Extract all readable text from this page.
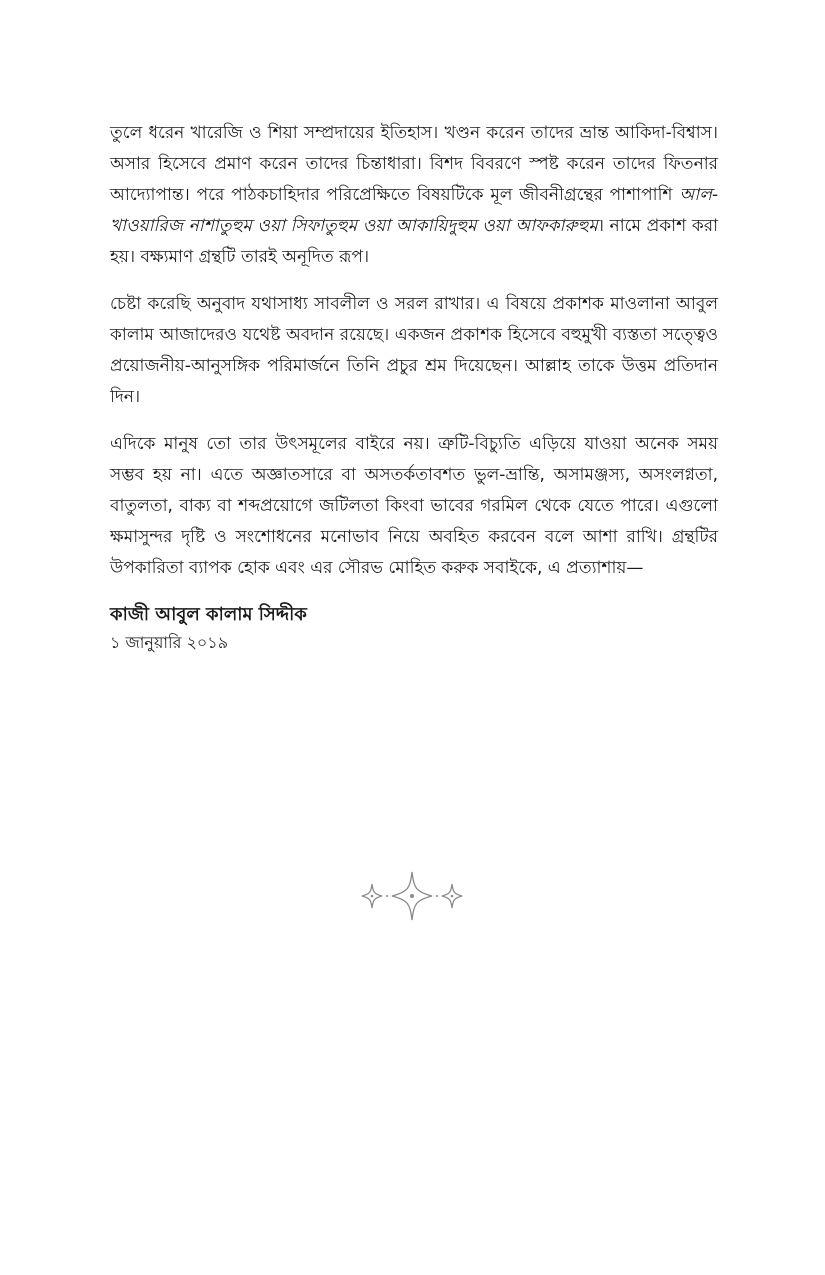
তুলে ধরেন খারেজি ও শিয়া সম্প্রদায়ের ইতিহাস। খণ্ডন করেন তাদের ভ্রান্ত আকিদা-বিশ্বাস। অসার হিসেবে প্রমাণ করেন তাদের চিন্তাধারা। বিশদ বিবরণে স্পষ্ট করেন তাদের ফিতনার আদ্যোপান্ত। পরে পাঠকচাহিদার পরিপ্রেক্ষিতে বিষয়টিকে মূল জীবনীগ্রন্থের পাশাপাশি আল-খাওয়ারিজ নাশাতুহুম ওয়া সিফাতুহুম ওয়া আকায়িদুহুম ওয়া আফকারুহুম। নামে প্রকাশ করা হয়। বক্ষ্যমাণ গ্রন্থটি তারই অনূদিত রূপ।

চেষ্টা করেছি অনুবাদ যথাসাধ্য সাবলীল ও সরল রাখার। এ বিষয়ে প্রকাশক মাওলানা আবুল কালাম আজাদেরও যথেষ্ট অবদান রয়েছে। একজন প্রকাশক হিসেবে বহুমুখী ব্যস্ততা সত্ত্বেও প্রয়োজনীয়-আনুসঙ্গিক পরিমার্জনে তিনি প্রচুর শ্রম দিয়েছেন। আল্লাহ তাকে উত্তম প্রতিদান দিন।

এদিকে মানুষ তো তার উৎসমূলের বাইরে নয়। ত্রুটি-বিচ্যুতি এড়িয়ে যাওয়া অনেক সময় সম্ভব হয় না। এতে অজ্ঞাতসারে বা অসতর্কতাবশত ভুল-ভ্রান্তি, অসামঞ্জস্য, অসংলগ্নতা, বাতুলতা, বাক্য বা শব্দপ্রয়োগে জটিলতা কিংবা ভাবের গরমিল থেকে যেতে পারে। এগুলো ক্ষমাসুন্দর দৃষ্টি ও সংশোধনের মনোভাব নিয়ে অবহিত করবেন বলে আশা রাখি। গ্রন্থটির উপকারিতা ব্যাপক হোক এবং এর সৌরভ মোহিত করুক সবাইকে, এ প্রত্যাশায়—

কাজী আবুল কালাম সিদ্দীক
১ জানুয়ারি ২০১৯
